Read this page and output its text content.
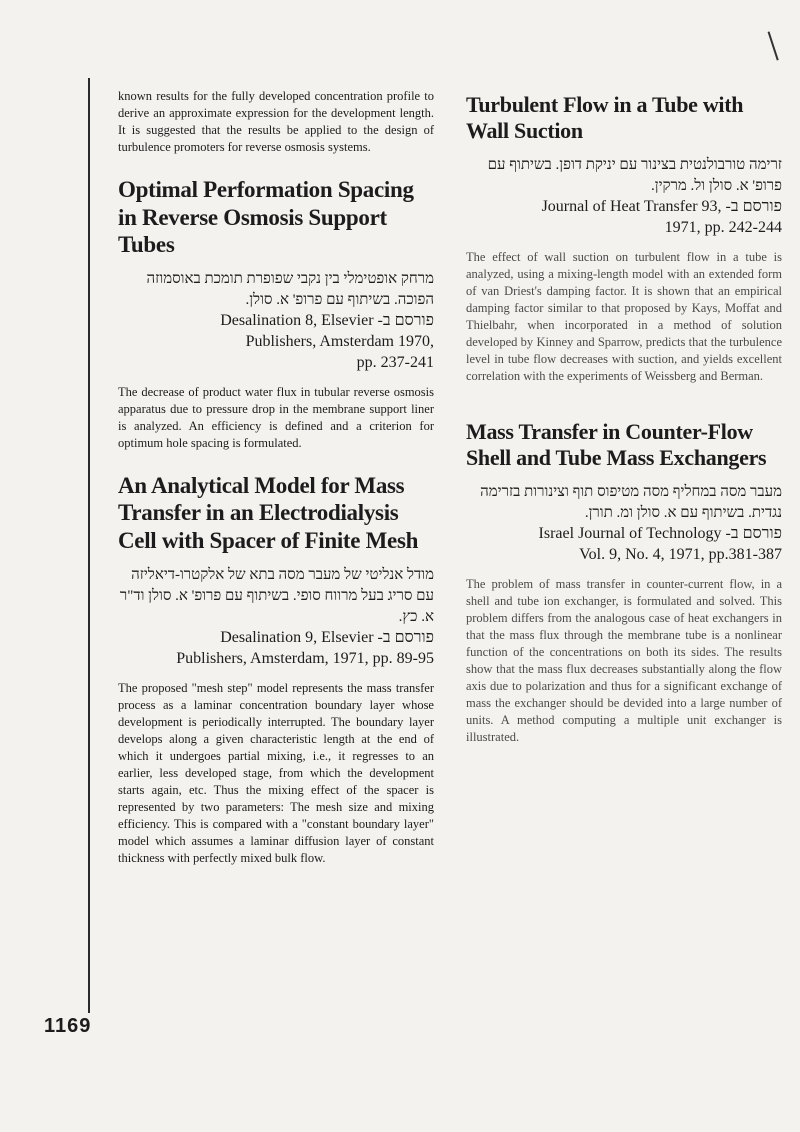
known results for the fully developed concentration profile to derive an approximate expression for the development length. It is suggested that the results be applied to the design of turbulence promoters for reverse osmosis systems.

Optimal Performation Spacing in Reverse Osmosis Support Tubes

מרחק אופטימלי בין נקבי שפופרת תומכת באוסמוזה הפוכה. בשיתוף עם פרופ' א. סולן.

Desalination 8, Elsevier פורסם ב-
Publishers, Amsterdam 1970,
pp. 237-241

The decrease of product water flux in tubular reverse osmosis apparatus due to pressure drop in the membrane support liner is analyzed. An efficiency is defined and a criterion for optimum hole spacing is formulated.

An Analytical Model for Mass Transfer in an Electrodialysis Cell with Spacer of Finite Mesh

מודל אנליטי של מעבר מסה בתא של אלקטרו-דיאליזה עם סריג בעל מרווח סופי. בשיתוף עם פרופ' א. סולן וד"ר א. כץ.

Desalination 9, Elsevier פורסם ב-
Publishers, Amsterdam, 1971, pp. 89-95

The proposed "mesh step" model represents the mass transfer process as a laminar concentration boundary layer whose development is periodically interrupted. The boundary layer develops along a given characteristic length at the end of which it undergoes partial mixing, i.e., it regresses to an earlier, less developed stage, from which the development starts again, etc. Thus the mixing effect of the spacer is represented by two parameters: The mesh size and mixing efficiency. This is compared with a "constant boundary layer" model which assumes a laminar diffusion layer of constant thickness with perfectly mixed bulk flow.

Turbulent Flow in a Tube with Wall Suction

זרימה טורבולנטית בצינור עם יניקת דופן. בשיתוף עם פרופ' א. סולן ול. מרקין.

Journal of Heat Transfer 93, פורסם ב-
1971, pp. 242-244

The effect of wall suction on turbulent flow in a tube is analyzed, using a mixing-length model with an extended form of van Driest's damping factor. It is shown that an empirical damping factor similar to that proposed by Kays, Moffat and Thielbahr, when incorporated in a method of solution developed by Kinney and Sparrow, predicts that the turbulence level in tube flow decreases with suction, and yields excellent correlation with the experiments of Weissberg and Berman.

Mass Transfer in Counter-Flow Shell and Tube Mass Exchangers

מעבר מסה במחליף מסה מטיפוס תוף וצינורות בזרימה נגדית. בשיתוף עם א. סולן ומ. תורן.

Israel Journal of Technology פורסם ב-
Vol. 9, No. 4, 1971, pp.381-387

The problem of mass transfer in counter-current flow, in a shell and tube ion exchanger, is formulated and solved. This problem differs from the analogous case of heat exchangers in that the mass flux through the membrane tube is a nonlinear function of the concentrations on both its sides. The results show that the mass flux decreases substantially along the flow axis due to polarization and thus for a significant exchange of mass the exchanger should be devided into a large number of units. A method computing a multiple unit exchanger is illustrated.

1169
